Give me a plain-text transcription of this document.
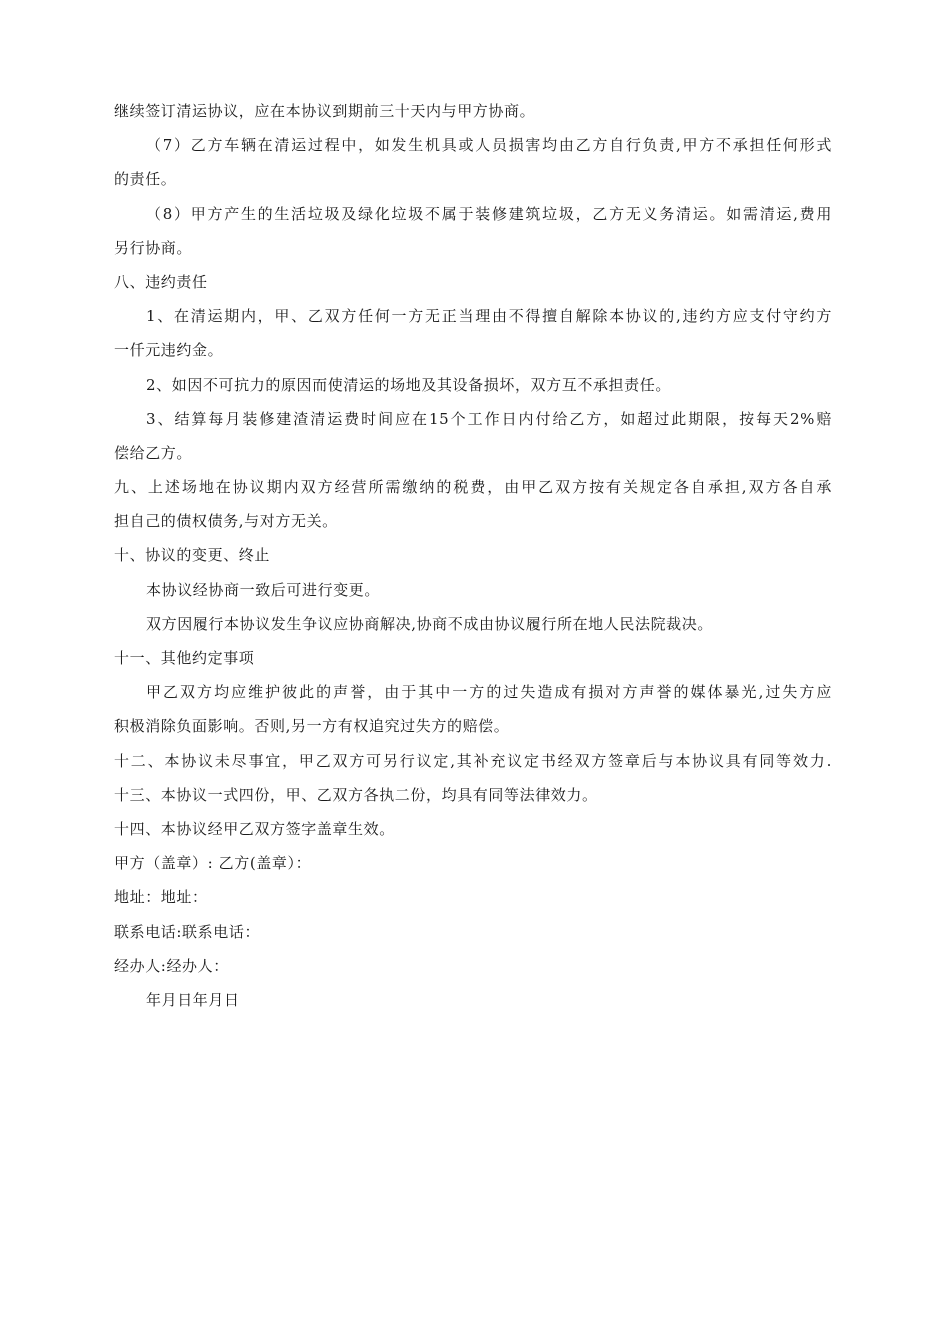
继续签订清运协议，应在本协议到期前三十天内与甲方协商。
（7）乙方车辆在清运过程中，如发生机具或人员损害均由乙方自行负责,甲方不承担任何形式
的责任。
（8）甲方产生的生活垃圾及绿化垃圾不属于装修建筑垃圾，乙方无义务清运。如需清运,费用
另行协商。
八、违约责任
1、在清运期内，甲、乙双方任何一方无正当理由不得擅自解除本协议的,违约方应支付守约方
一仟元违约金。
2、如因不可抗力的原因而使清运的场地及其设备损坏，双方互不承担责任。
3、结算每月装修建渣清运费时间应在15个工作日内付给乙方，如超过此期限，按每天2%赔
偿给乙方。
九、上述场地在协议期内双方经营所需缴纳的税费，由甲乙双方按有关规定各自承担,双方各自承
担自己的债权债务,与对方无关。
十、协议的变更、终止
本协议经协商一致后可进行变更。
双方因履行本协议发生争议应协商解决,协商不成由协议履行所在地人民法院裁决。
十一、其他约定事项
甲乙双方均应维护彼此的声誉，由于其中一方的过失造成有损对方声誉的媒体暴光,过失方应
积极消除负面影响。否则,另一方有权追究过失方的赔偿。
十二、本协议未尽事宜，甲乙双方可另行议定,其补充议定书经双方签章后与本协议具有同等效力.
十三、本协议一式四份，甲、乙双方各执二份，均具有同等法律效力。
十四、本协议经甲乙双方签字盖章生效。
甲方（盖章）: 乙方(盖章）：
地址：地址：
联系电话:联系电话：
经办人:经办人：
年月日年月日
